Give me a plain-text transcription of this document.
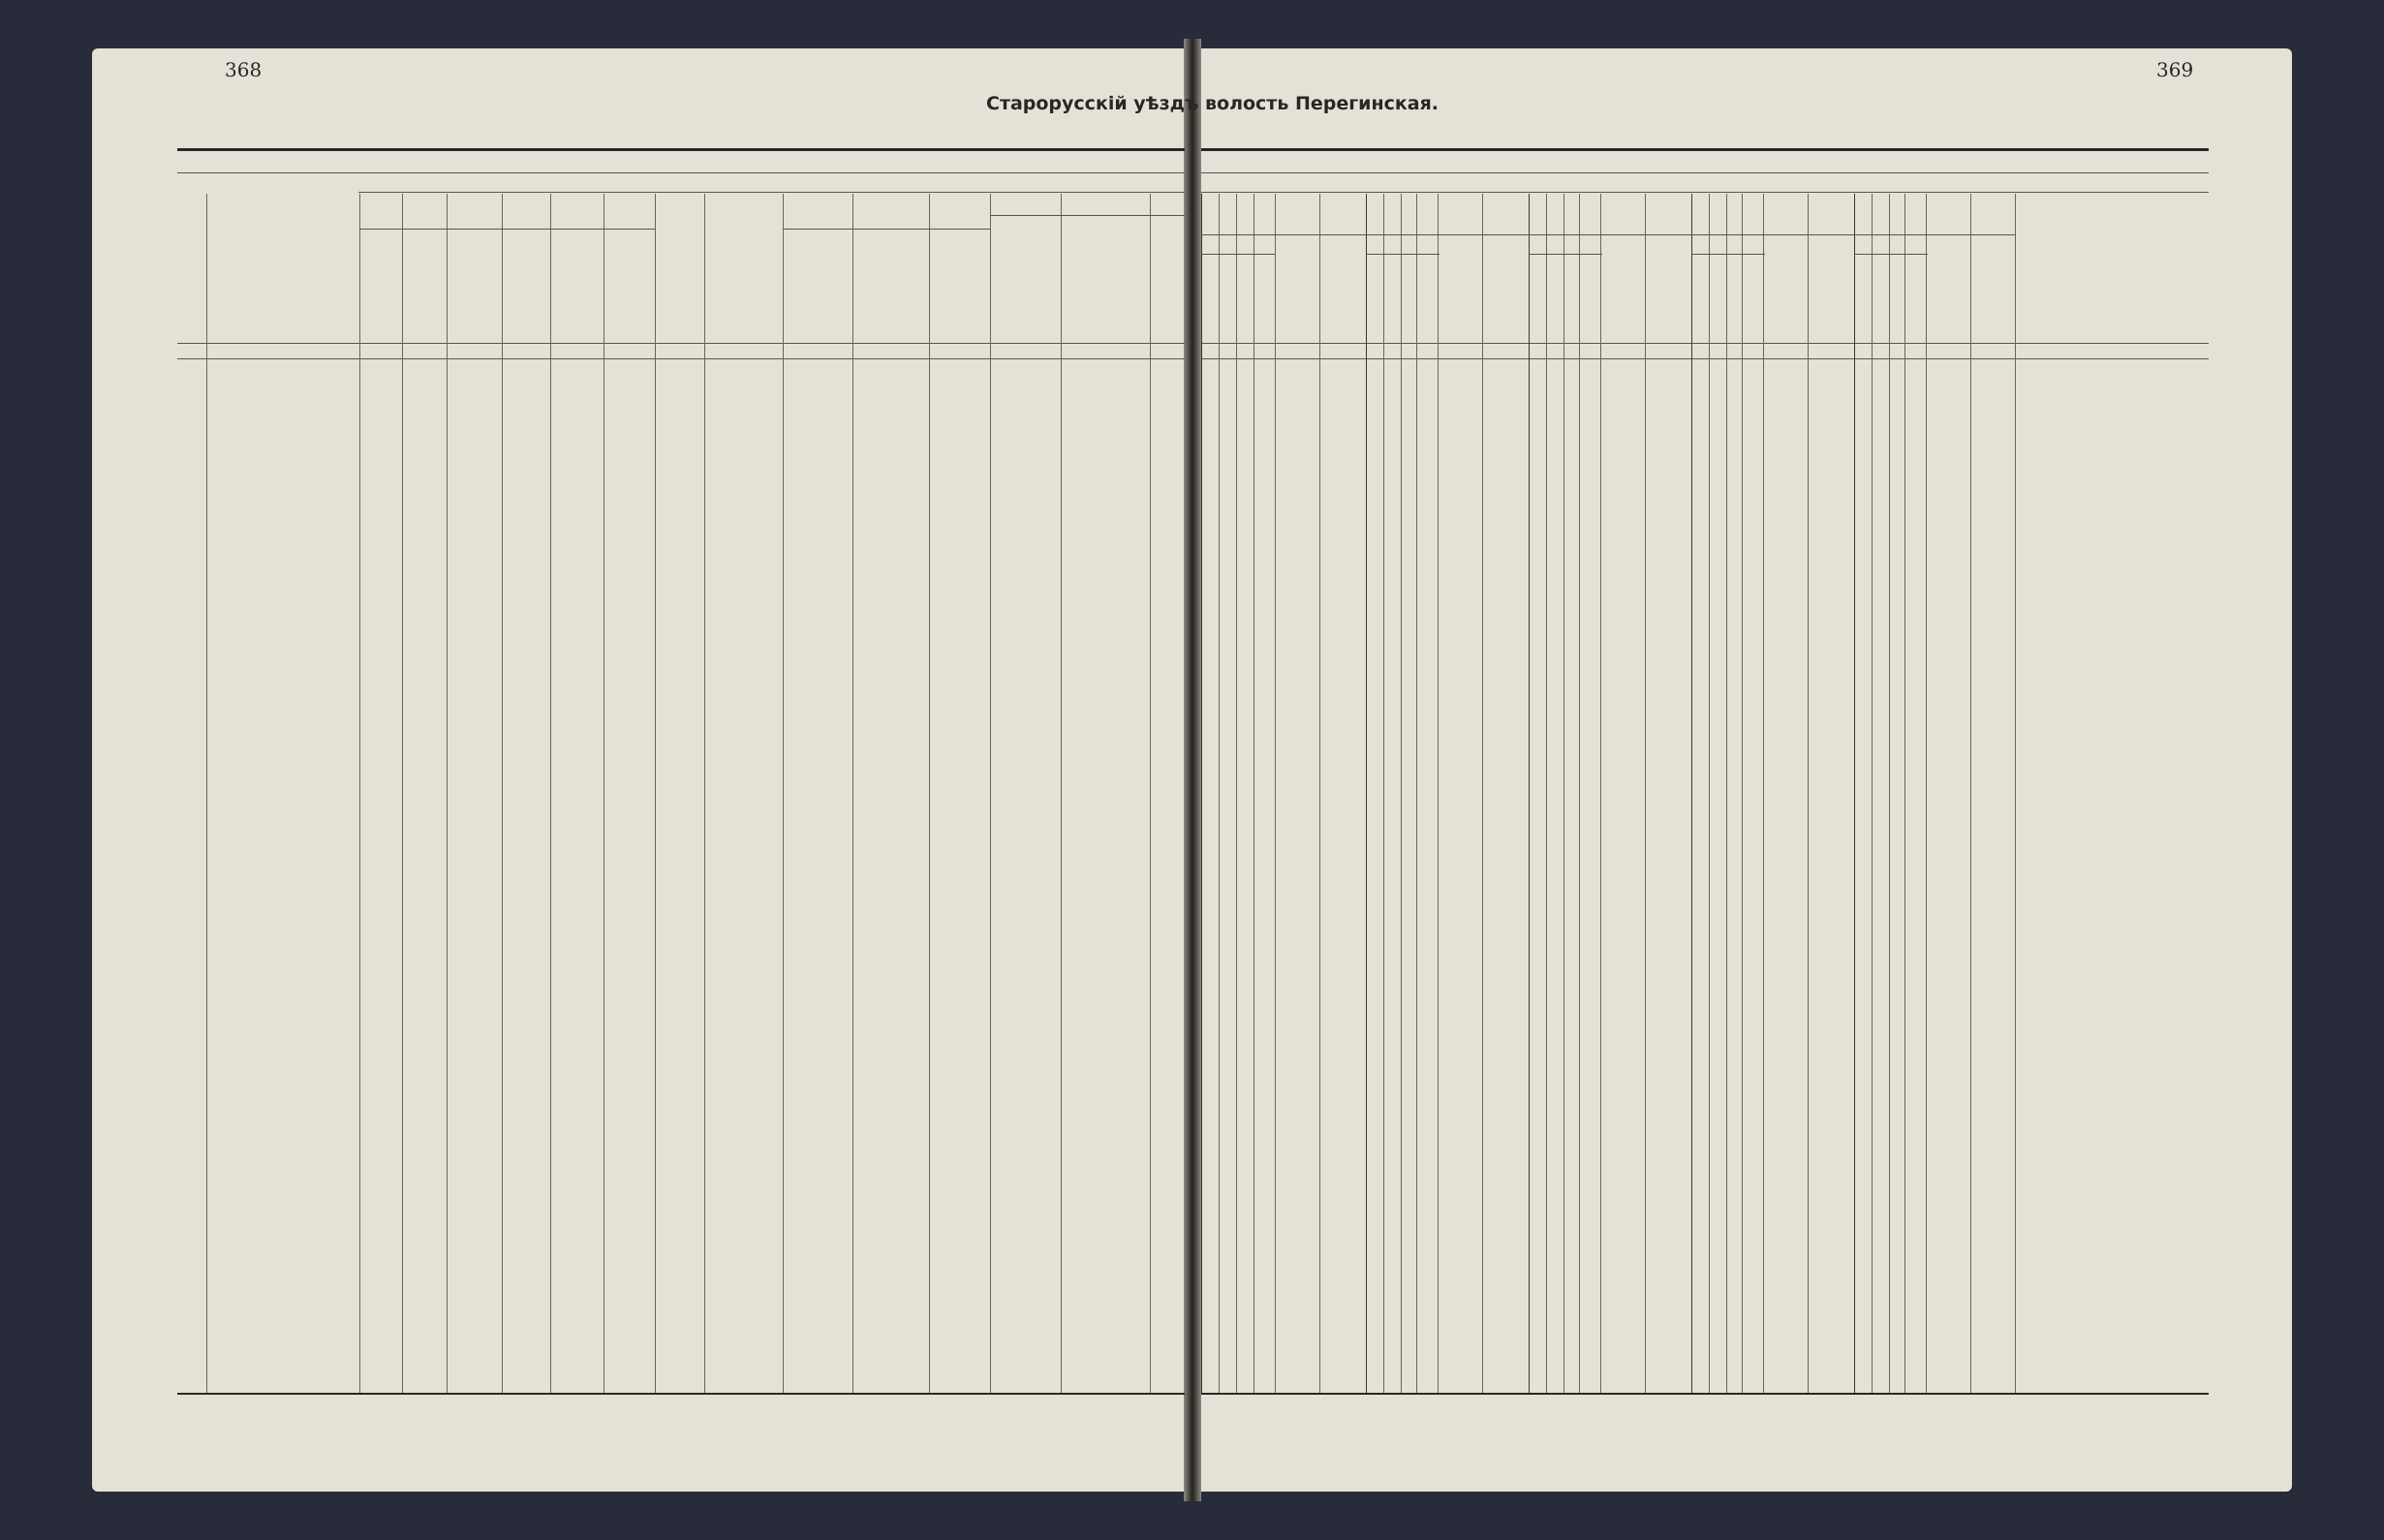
368
Старорусскій уѣздъ волость Перегинская.
369
